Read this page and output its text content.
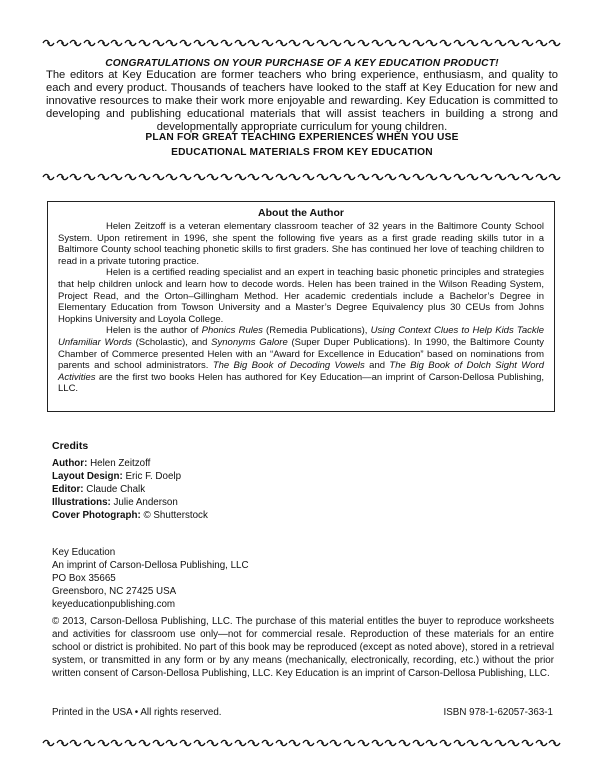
CONGRATULATIONS ON YOUR PURCHASE OF A KEY EDUCATION PRODUCT!
The editors at Key Education are former teachers who bring experience, enthusiasm, and quality to each and every product. Thousands of teachers have looked to the staff at Key Education for new and innovative resources to make their work more enjoyable and rewarding. Key Education is committed to developing and publishing educational materials that will assist teachers in building a strong and developmentally appropriate curriculum for young children.
PLAN FOR GREAT TEACHING EXPERIENCES WHEN YOU USE
EDUCATIONAL MATERIALS FROM KEY EDUCATION
About the Author

Helen Zeitzoff is a veteran elementary classroom teacher of 32 years in the Baltimore County School System. Upon retirement in 1996, she spent the following five years as a first grade reading skills tutor in a Baltimore County school teaching phonetic skills to first graders. She has continued her love of teaching children to read in a private tutoring practice.

Helen is a certified reading specialist and an expert in teaching basic phonetic principles and strategies that help children unlock and learn how to decode words. Helen has been trained in the Wilson Reading System, Project Read, and the Orton–Gillingham Method. Her academic credentials include a Bachelor’s Degree in Elementary Education from Towson University and a Master’s Degree Equivalency plus 30 CEUs from Johns Hopkins University and Loyola College.

Helen is the author of Phonics Rules (Remedia Publications), Using Context Clues to Help Kids Tackle Unfamiliar Words (Scholastic), and Synonyms Galore (Super Duper Publications). In 1990, the Baltimore County Chamber of Commerce presented Helen with an “Award for Excellence in Education” based on nominations from parents and school administrators. The Big Book of Decoding Vowels and The Big Book of Dolch Sight Word Activities are the first two books Helen has authored for Key Education—an imprint of Carson-Dellosa Publishing, LLC.

Credits
Author: Helen Zeitzoff
Layout Design: Eric F. Doelp
Editor: Claude Chalk
Illustrations: Julie Anderson
Cover Photograph: © Shutterstock
Key Education
An imprint of Carson-Dellosa Publishing, LLC
PO Box 35665
Greensboro, NC 27425 USA
keyeducationpublishing.com
© 2013, Carson-Dellosa Publishing, LLC. The purchase of this material entitles the buyer to reproduce worksheets and activities for classroom use only—not for commercial resale. Reproduction of these materials for an entire school or district is prohibited. No part of this book may be reproduced (except as noted above), stored in a retrieval system, or transmitted in any form or by any means (mechanically, electronically, recording, etc.) without the prior written consent of Carson-Dellosa Publishing, LLC. Key Education is an imprint of Carson-Dellosa Publishing, LLC.
Printed in the USA • All rights reserved.	ISBN 978-1-62057-363-1
